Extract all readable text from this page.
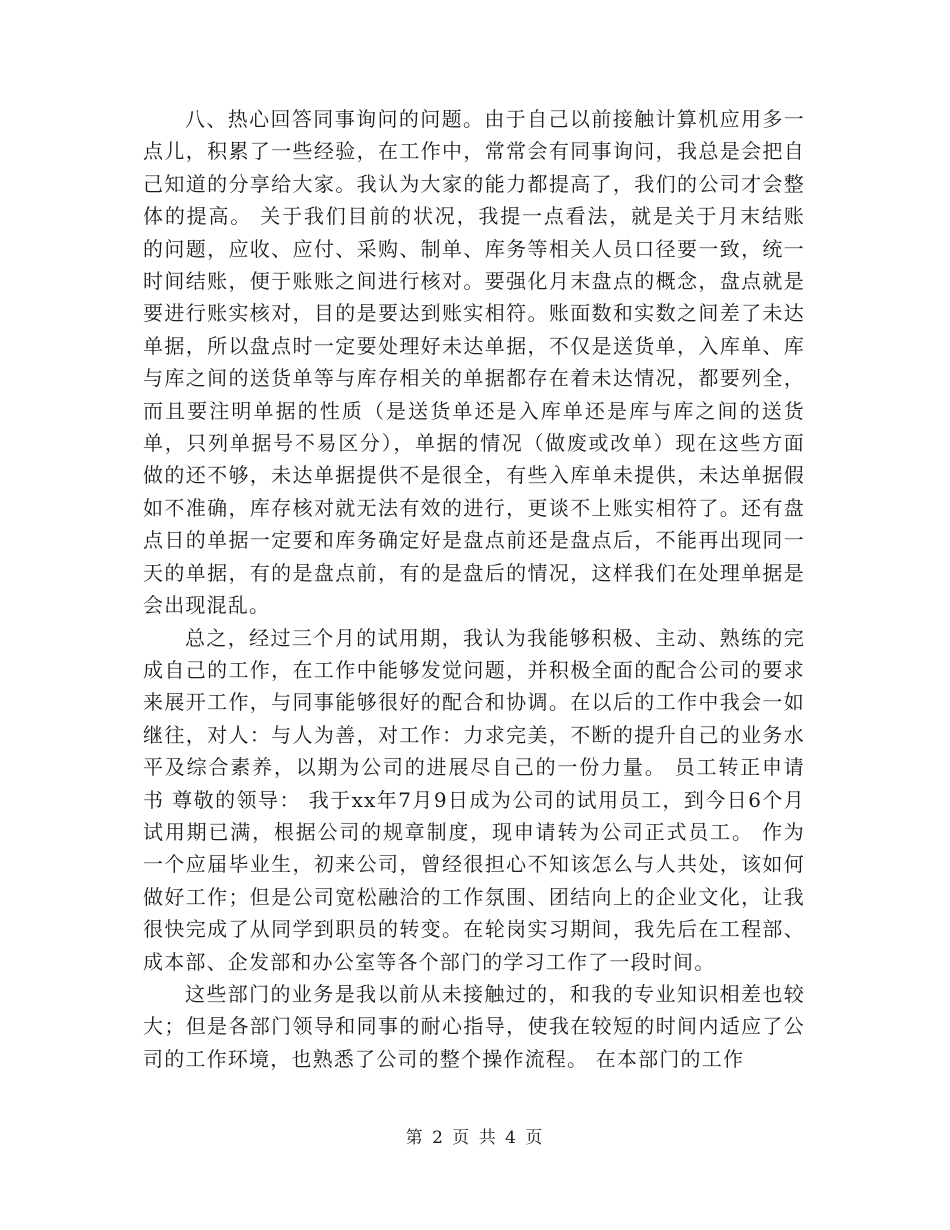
八、热心回答同事询问的问题。由于自己以前接触计算机应用多一点儿，积累了一些经验，在工作中，常常会有同事询问，我总是会把自己知道的分享给大家。我认为大家的能力都提高了，我们的公司才会整体的提高。 关于我们目前的状况，我提一点看法，就是关于月末结账的问题，应收、应付、采购、制单、库务等相关人员口径要一致，统一时间结账，便于账账之间进行核对。要强化月末盘点的概念，盘点就是要进行账实核对，目的是要达到账实相符。账面数和实数之间差了未达单据，所以盘点时一定要处理好未达单据，不仅是送货单，入库单、库与库之间的送货单等与库存相关的单据都存在着未达情况，都要列全，而且要注明单据的性质（是送货单还是入库单还是库与库之间的送货单，只列单据号不易区分），单据的情况（做废或改单）现在这些方面做的还不够，未达单据提供不是很全，有些入库单未提供，未达单据假如不准确，库存核对就无法有效的进行，更谈不上账实相符了。还有盘点日的单据一定要和库务确定好是盘点前还是盘点后，不能再出现同一天的单据，有的是盘点前，有的是盘后的情况，这样我们在处理单据是会出现混乱。

总之，经过三个月的试用期，我认为我能够积极、主动、熟练的完成自己的工作，在工作中能够发觉问题，并积极全面的配合公司的要求来展开工作，与同事能够很好的配合和协调。在以后的工作中我会一如继往，对人：与人为善，对工作：力求完美，不断的提升自己的业务水平及综合素养，以期为公司的进展尽自己的一份力量。 员工转正申请书 尊敬的领导： 我于xx年7月9日成为公司的试用员工，到今日6个月试用期已满，根据公司的规章制度，现申请转为公司正式员工。 作为一个应届毕业生，初来公司，曾经很担心不知该怎么与人共处，该如何做好工作；但是公司宽松融洽的工作氛围、团结向上的企业文化，让我很快完成了从同学到职员的转变。在轮岗实习期间，我先后在工程部、成本部、企发部和办公室等各个部门的学习工作了一段时间。

这些部门的业务是我以前从未接触过的，和我的专业知识相差也较大；但是各部门领导和同事的耐心指导，使我在较短的时间内适应了公司的工作环境，也熟悉了公司的整个操作流程。 在本部门的工作

第 2 页 共 4 页
